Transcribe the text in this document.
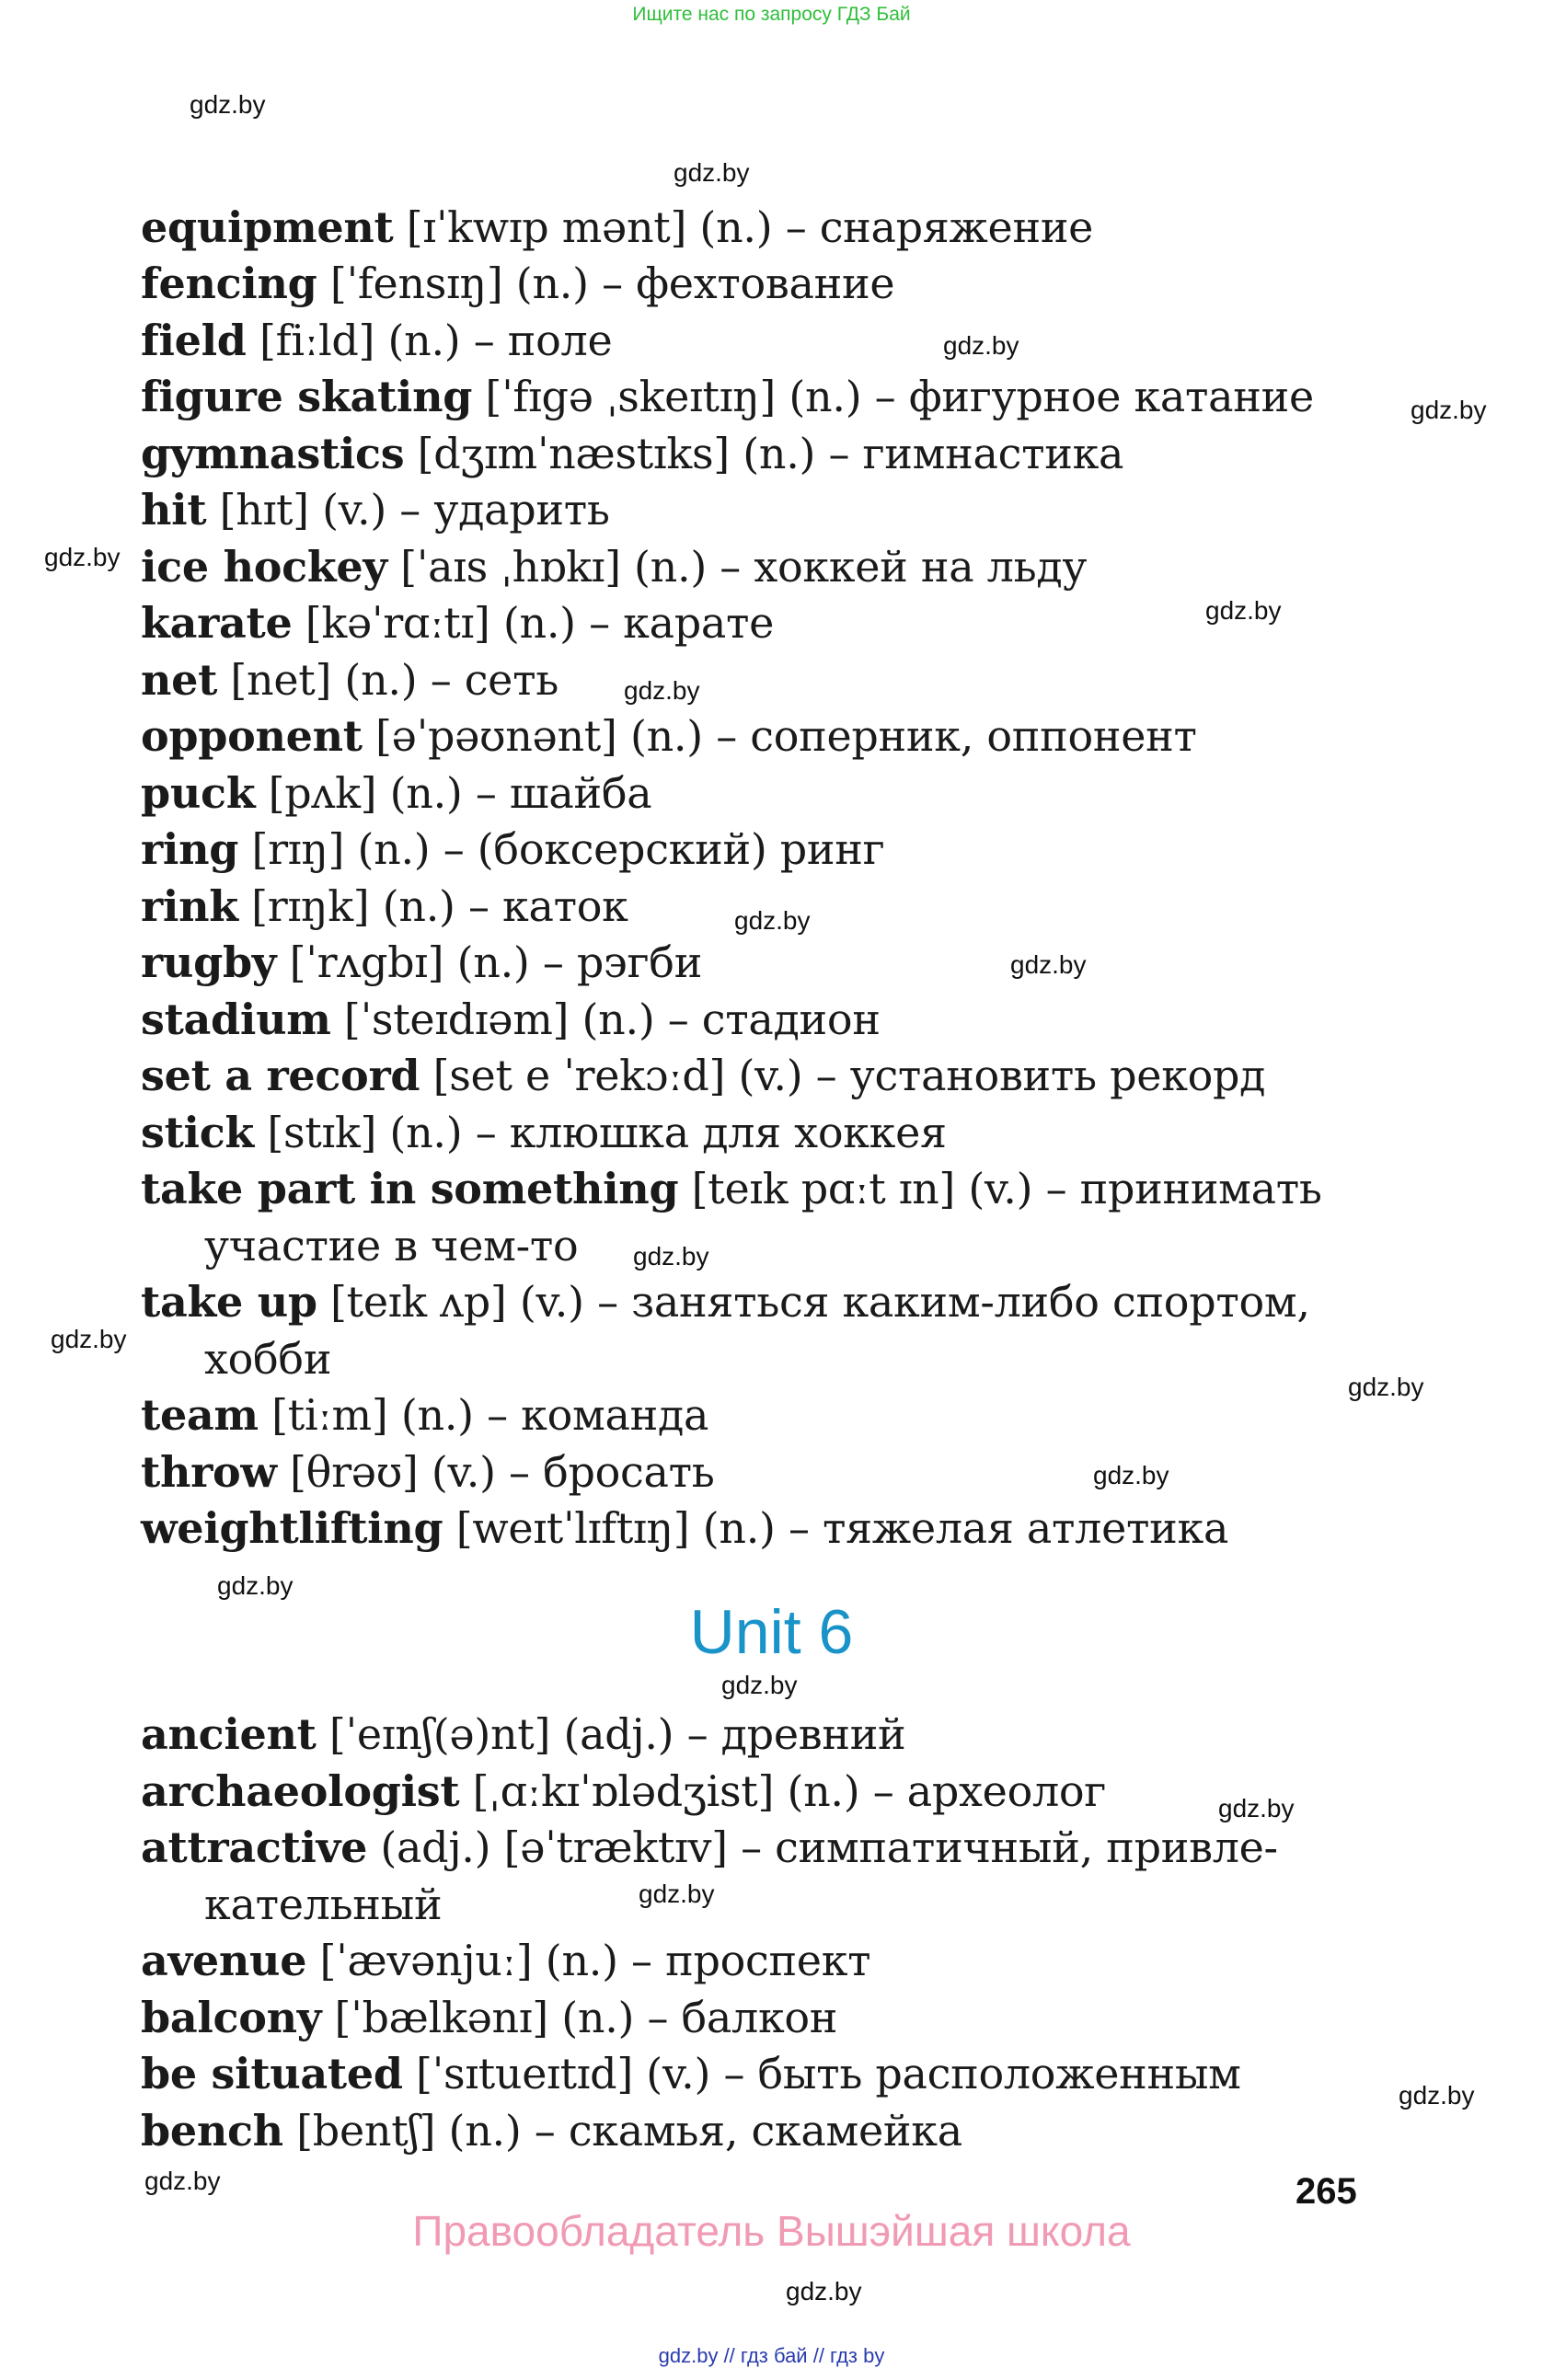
Ищите нас по запросу ГДЗ Бай
gdz.by
gdz.by
gdz.by
gdz.by
gdz.by
gdz.by
gdz.by
gdz.by
gdz.by
gdz.by
gdz.by
gdz.by
gdz.by
gdz.by
gdz.by
gdz.by
gdz.by
gdz.by
gdz.by
gdz.by
equipment [ɪˈkwɪp mənt] (n.) – снаряжение
fencing [ˈfensɪŋ] (n.) – фехтование
field [fiːld] (n.) – поле
figure skating [ˈfɪgə ˌskeɪtɪŋ] (n.) – фигурное катание
gymnastics [dʒɪmˈnæstɪks] (n.) – гимнастика
hit [hɪt] (v.) – ударить
ice hockey [ˈaɪs ˌhɒkɪ] (n.) – хоккей на льду
karate [kəˈrɑːtɪ] (n.) – карате
net [net] (n.) – сеть
opponent [əˈpəʊnənt] (n.) – соперник, оппонент
puck [pʌk] (n.) – шайба
ring [rɪŋ] (n.) – (боксерский) ринг
rink [rɪŋk] (n.) – каток
rugby [ˈrʌgbɪ] (n.) – рэгби
stadium [ˈsteɪdɪəm] (n.) – стадион
set a record [set e ˈrekɔːd] (v.) – установить рекорд
stick [stɪk] (n.) – клюшка для хоккея
take part in something [teɪk pɑːt ɪn] (v.) – принимать
участие в чем-то
take up [teɪk ʌp] (v.) – заняться каким-либо спортом,
хобби
team [tiːm] (n.) – команда
throw [θrəʊ] (v.) – бросать
weightlifting [weɪtˈlɪftɪŋ] (n.) – тяжелая атлетика
Unit 6
ancient [ˈeɪnʃ(ə)nt] (adj.) – древний
archaeologist [ˌɑːkɪˈɒlədʒist] (n.) – археолог
attractive (adj.) [əˈtræktɪv] – симпатичный, привле-
кательный
avenue [ˈævənjuː] (n.) – проспект
balcony [ˈbælkənɪ] (n.) – балкон
be situated [ˈsɪtueɪtɪd] (v.) – быть расположенным
bench [bentʃ] (n.) – скамья, скамейка
265
Правообладатель Вышэйшая школа
gdz.by // гдз бай // гдз by
